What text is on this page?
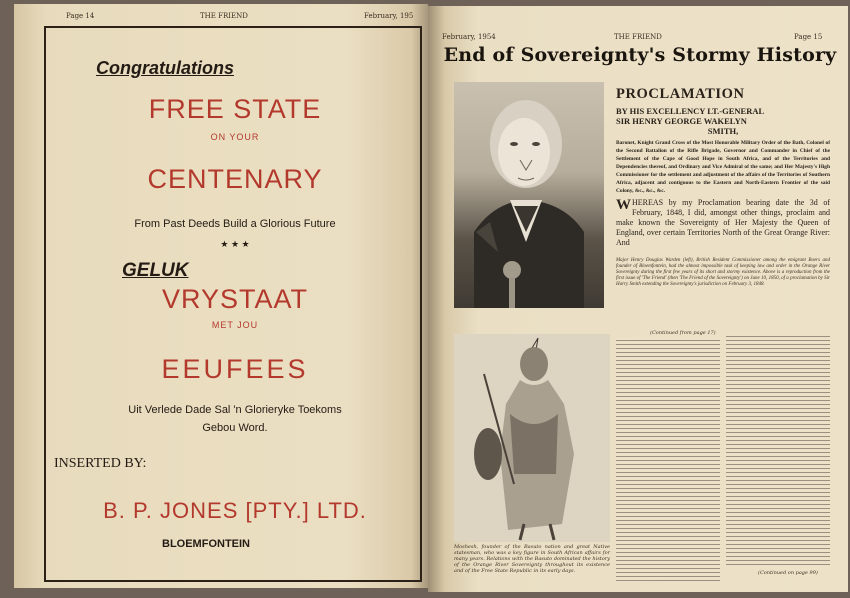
Page 14	THE FRIEND	February, 195
Congratulations
FREE STATE
ON YOUR
CENTENARY
From Past Deeds Build a Glorious Future
★ ★ ★
GELUK
VRYSTAAT
MET JOU
EEUFEES
Uit Verlede Dade Sal 'n Glorieryke Toekoms
Gebou Word.
INSERTED BY:
B. P. JONES [PTY.] LTD.
BLOEMFONTEIN
February, 1954	THE FRIEND	Page 15
End of Sovereignty's Stormy History
PROCLAMATION
BY HIS EXCELLENCY LT.-GENERAL
SIR HENRY GEORGE WAKELYN
SMITH,
Baronet, Knight Grand Cross of the Most Honorable Military Order of the Bath, Colonel of the Second Battalion of the Rifle Brigade, Governor and Commander in Chief of the Settlement of the Cape of Good Hope in South Africa, and of the Territories and Dependencies thereof, and Ordinary and Vice Admiral of the same; and Her Majesty's High Commissioner for the settlement and adjustment of the affairs of the Territories of Southern Africa, adjacent and contiguous to the Eastern and North-Eastern Frontier of the said Colony, &c., &c., &c.
WHEREAS by my Proclamation bearing date the 3d of February, 1848, I did, amongst other things, proclaim and make known the Sovereignty of Her Majesty the Queen of England, over certain Territories North of the Great Orange River: And
Major Henry Douglas Warden (left), British Resident Commissioner among the emigrant Boers and founder of Bloemfontein, had the almost impossible task of keeping law and order in the Orange River Sovereignty during the first few years of its short and stormy existence. Above is a reproduction from the first issue of 'The Friend' (then 'The Friend of the Sovereignty') on June 10, 1850, of a proclamation by Sir Harry Smith extending the Sovereignty's jurisdiction on February 3, 1848.
Moshesh, founder of the Basuto nation and great Native statesman, who was a key figure in South African affairs for many years. Relations with the Basuto dominated the history of the Orange River Sovereignty throughout its existence and of the Free State Republic in its early days.
(Continued from page 17)
(Continued on page 99)
